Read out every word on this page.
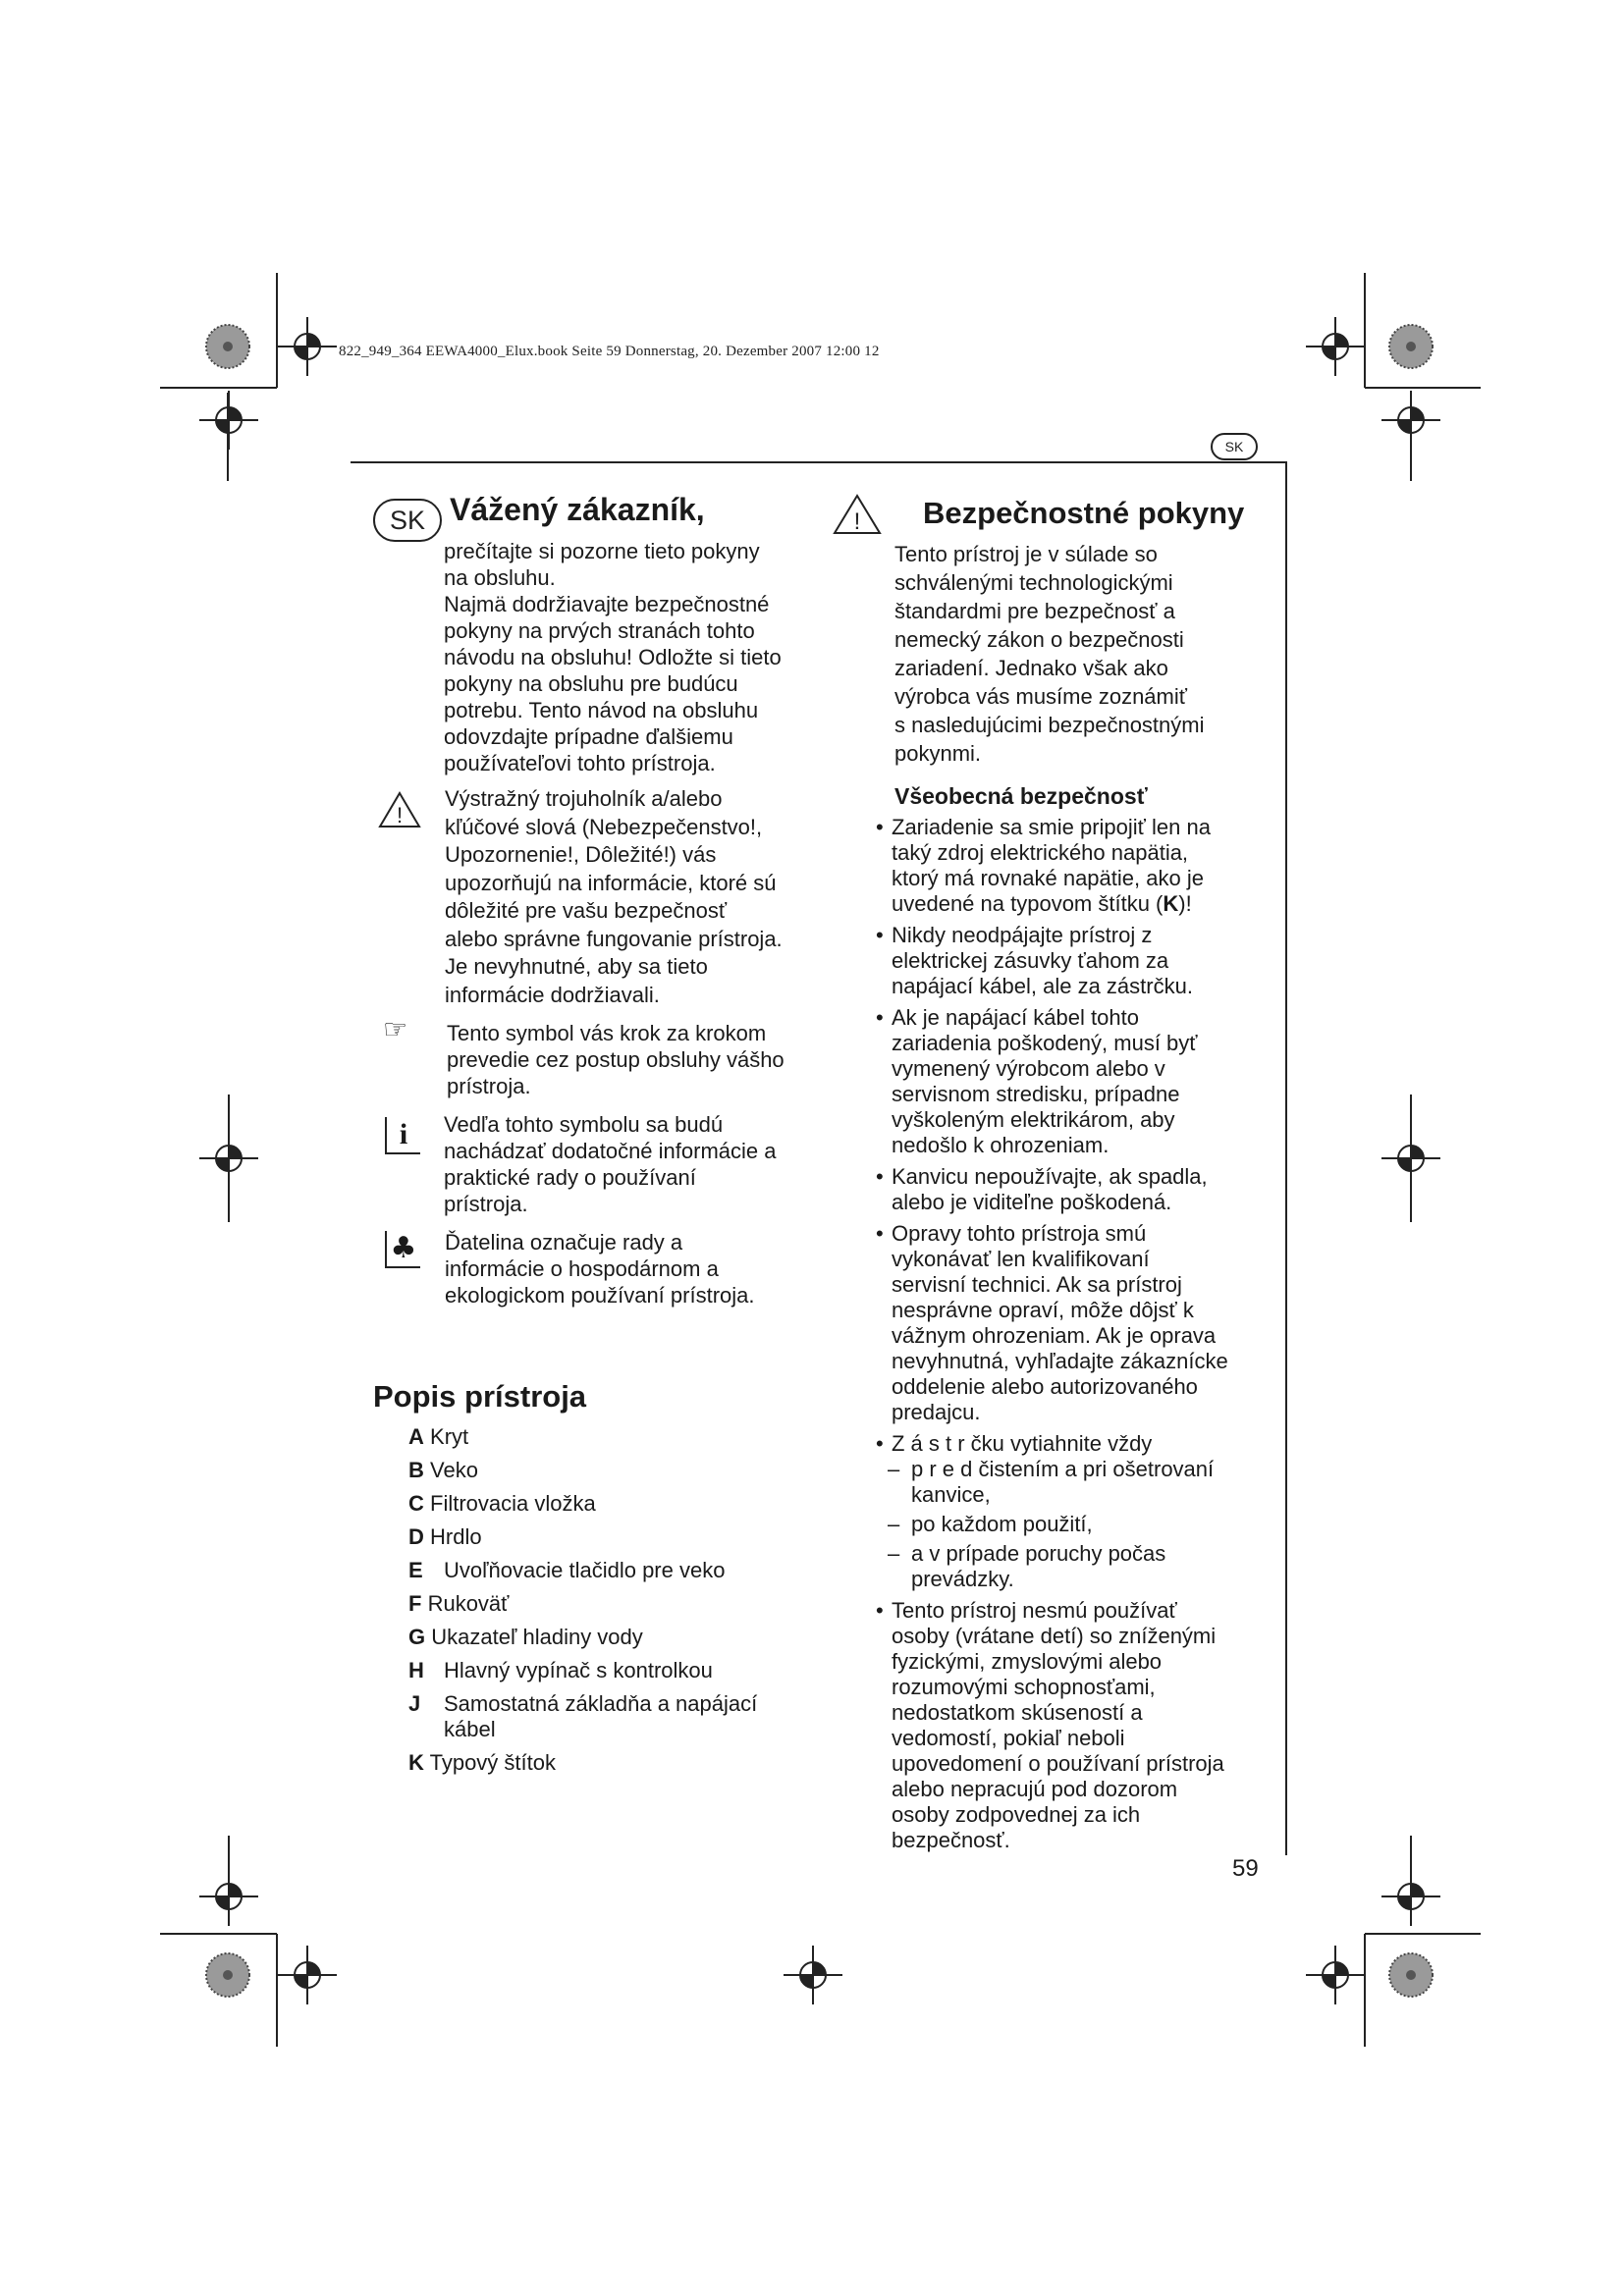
822_949_364 EEWA4000_Elux.book Seite 59 Donnerstag, 20. Dezember 2007 12:00 12
SK
SK Vážený zákazník,
prečítajte si pozorne tieto pokyny
na obsluhu.
Najmä dodržiavajte bezpečnostné
pokyny na prvých stranách tohto
návodu na obsluhu! Odložte si tieto
pokyny na obsluhu pre budúcu
potrebu. Tento návod na obsluhu
odovzdajte prípadne ďalšiemu
používateľovi tohto prístroja.
!
Výstražný trojuholník a/alebo
kľúčové slová (Nebezpečenstvo!,
Upozornenie!, Dôležité!) vás
upozorňujú na informácie, ktoré sú
dôležité pre vašu bezpečnosť
alebo správne fungovanie prístroja.
Je nevyhnutné, aby sa tieto
informácie dodržiavali.
☞ Tento symbol vás krok za krokom
prevedie cez postup obsluhy vášho
prístroja.
i	Vedľa tohto symbolu sa budú
nachádzať dodatočné informácie a
praktické rady o používaní
prístroja.
♣ Ďatelina označuje rady a
informácie o hospodárnom a
ekologickom používaní prístroja.
Popis prístroja
A Kryt
B Veko
C Filtrovacia vložka
D Hrdlo
E Uvoľňovacie tlačidlo pre veko
F Rukoväť
G Ukazateľ hladiny vody
H Hlavný vypínač s kontrolkou
J Samostatná základňa a napájací
kábel
K Typový štítok
! Bezpečnostné pokyny
Tento prístroj je v súlade so
schválenými technologickými
štandardmi pre bezpečnosť a
nemecký zákon o bezpečnosti
zariadení. Jednako však ako
výrobca vás musíme zoznámiť
s nasledujúcimi bezpečnostnými
pokynmi.
Všeobecná bezpečnosť
• Zariadenie sa smie pripojiť len na
taký zdroj elektrického napätia,
ktorý má rovnaké napätie, ako je
uvedené na typovom štítku (K)!
• Nikdy neodpájajte prístroj z
elektrickej zásuvky ťahom za
napájací kábel, ale za zástrčku.
• Ak je napájací kábel tohto
zariadenia poškodený, musí byť
vymenený výrobcom alebo v
servisnom stredisku, prípadne
vyškoleným elektrikárom, aby
nedošlo k ohrozeniam.
• Kanvicu nepoužívajte, ak spadla,
alebo je viditeľne poškodená.
• Opravy tohto prístroja smú
vykonávať len kvalifikovaní
servisní technici. Ak sa prístroj
nesprávne opraví, môže dôjsť k
vážnym ohrozeniam. Ak je oprava
nevyhnutná, vyhľadajte zákaznícke
oddelenie alebo autorizovaného
predajcu.
• Z á s t r čku vytiahnite vždy
– p r e d čistením a pri ošetrovaní
kanvice,
– po každom použití,
– a v prípade poruchy počas
prevádzky.
• Tento prístroj nesmú používať
osoby (vrátane detí) so zníženými
fyzickými, zmyslovými alebo
rozumovými schopnosťami,
nedostatkom skúseností a
vedomostí, pokiaľ neboli
upovedomení o používaní prístroja
alebo nepracujú pod dozorom
osoby zodpovednej za ich
bezpečnosť.
59
